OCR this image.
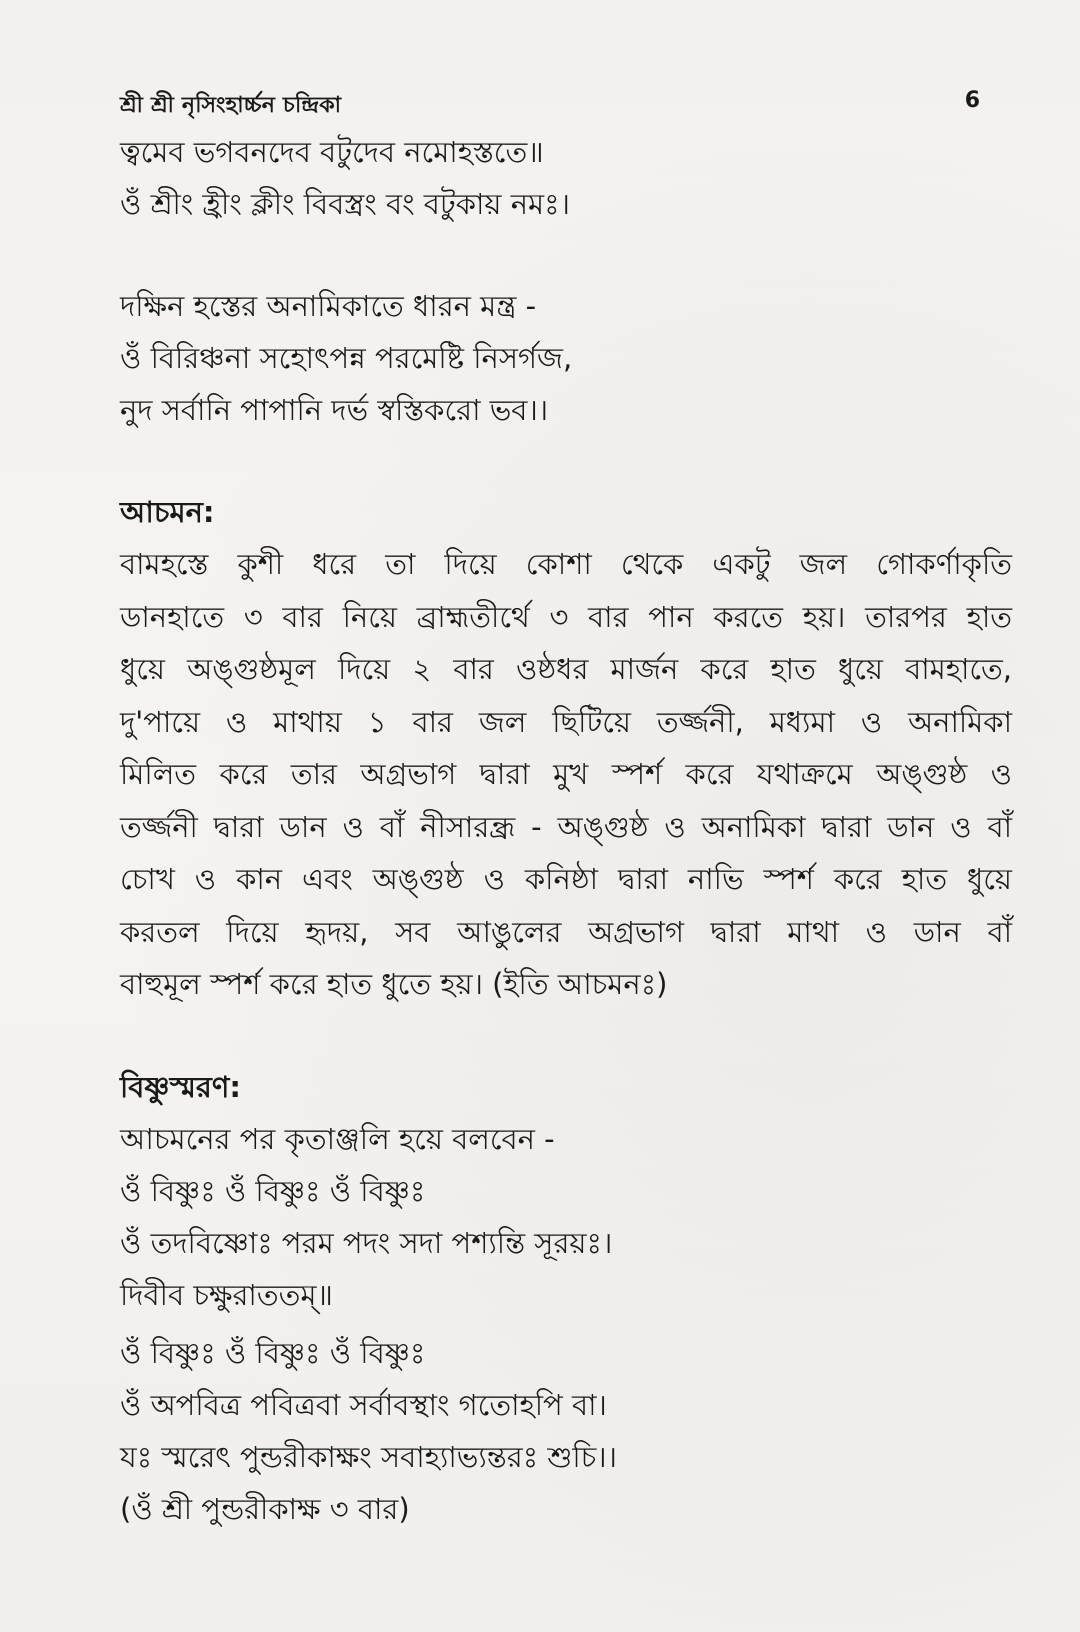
শ্রী শ্রী নৃসিংহার্চ্চন চন্দ্রিকা	6
ত্বমেব ভগবনদেব বটুদেব নমোহস্ততে॥
ওঁ শ্রীং হ্রীং ক্লীং বিবস্ত্রং বং বটুকায় নমঃ।
দক্ষিন হস্তের অনামিকাতে ধারন মন্ত্র -
ওঁ বিরিঞ্চনা সহোৎপন্ন পরমেষ্টি নিসর্গজ,
নুদ সর্বানি পাপানি দর্ভ স্বস্তিকরো ভব।।
আচমন:
বামহস্তে কুশী ধরে তা দিয়ে কোশা থেকে একটু জল গোকর্ণাকৃতি
ডানহাতে ৩ বার নিয়ে ব্রাহ্মতীর্থে ৩ বার পান করতে হয়। তারপর হাত
ধুয়ে অঙ্গুষ্ঠমূল দিয়ে ২ বার ওষ্ঠধর মার্জন করে হাত ধুয়ে বামহাতে,
দু'পায়ে ও মাথায় ১ বার জল ছিটিয়ে তর্জ্জনী, মধ্যমা ও অনামিকা
মিলিত করে তার অগ্রভাগ দ্বারা মুখ স্পর্শ করে যথাক্রমে অঙ্গুষ্ঠ ও
তর্জ্জনী দ্বারা ডান ও বাঁ নীসারন্ধ্র - অঙ্গুষ্ঠ ও অনামিকা দ্বারা ডান ও বাঁ
চোখ ও কান এবং অঙ্গুষ্ঠ ও কনিষ্ঠা দ্বারা নাভি স্পর্শ করে হাত ধুয়ে
করতল দিয়ে হৃদয়, সব আঙুলের অগ্রভাগ দ্বারা মাথা ও ডান বাঁ
বাহুমূল স্পর্শ করে হাত ধুতে হয়। (ইতি আচমনঃ)
বিষ্ণুস্মরণ:
আচমনের পর কৃতাঞ্জলি হয়ে বলবেন -
ওঁ বিষ্ণুঃ ওঁ বিষ্ণুঃ ওঁ বিষ্ণুঃ
ওঁ তদবিষ্ণোঃ পরম পদং সদা পশ্যন্তি সূরয়ঃ।
দিবীব চক্ষুরাততম্॥
ওঁ বিষ্ণুঃ ওঁ বিষ্ণুঃ ওঁ বিষ্ণুঃ
ওঁ অপবিত্র পবিত্রবা সর্বাবস্থাং গতোহপি বা।
যঃ স্মরেৎ পুন্ডরীকাক্ষং সবাহ্যাভ্যন্তরঃ শুচি।।
(ওঁ শ্রী পুন্ডরীকাক্ষ ৩ বার)
